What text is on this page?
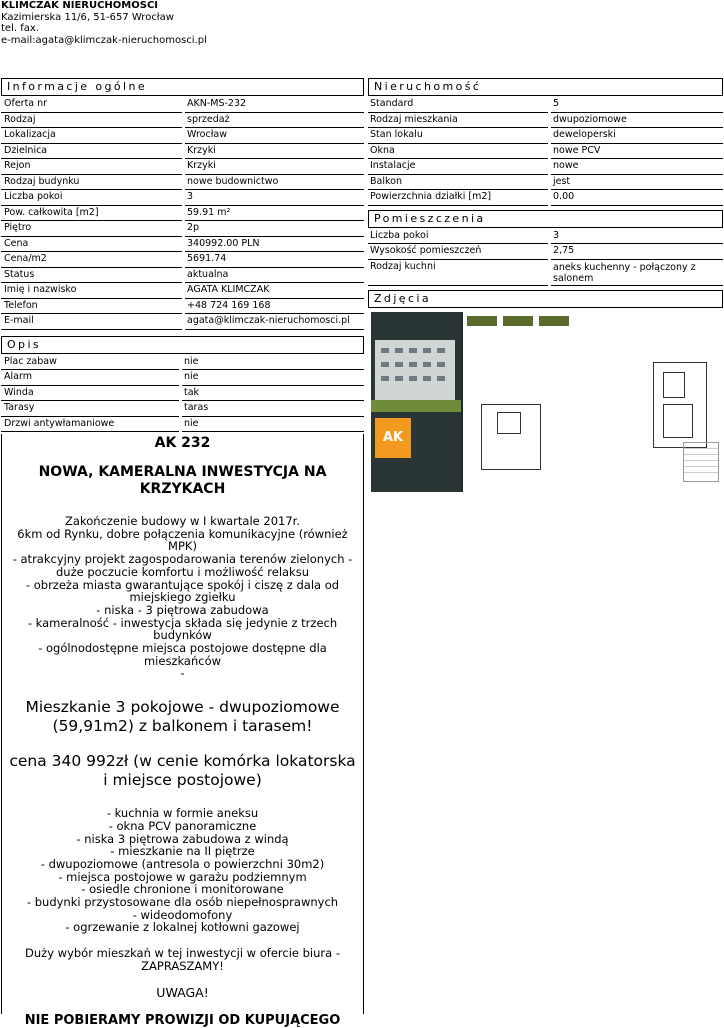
KLIMCZAK NIERUCHOMOŚCI
Kazimierska 11/6, 51-657 Wrocław
tel. fax.
e-mail:agata@klimczak-nieruchomosci.pl
Informacje ogólne
Oferta nr	AKN-MS-232
Rodzaj	sprzedaż
Lokalizacja	Wrocław
Dzielnica	Krzyki
Rejon	Krzyki
Rodzaj budynku	nowe budownictwo
Liczba pokoi	3
Pow. całkowita [m2]	59.91 m²
Piętro	2p
Cena	340992.00 PLN
Cena/m2	5691.74
Status	aktualna
Imię i nazwisko	AGATA KLIMCZAK
Telefon	+48 724 169 168
E-mail	agata@klimczak-nieruchomosci.pl
Opis
Plac zabaw	nie
Alarm	nie
Winda	tak
Tarasy	taras
Drzwi antywłamaniowe	nie
AK 232
NOWA, KAMERALNA INWESTYCJA NA KRZYKACH
Zakończenie budowy w I kwartale 2017r.
6km od Rynku, dobre połączenia komunikacyjne (również MPK)
- atrakcyjny projekt zagospodarowania terenów zielonych - duże poczucie komfortu i możliwość relaksu
- obrzeża miasta gwarantujące spokój i ciszę z dala od miejskiego zgiełku
- niska - 3 piętrowa zabudowa
- kameralność - inwestycja składa się jedynie z trzech budynków
- ogólnodostępne miejsca postojowe dostępne dla mieszkańców
-
Mieszkanie 3 pokojowe - dwupoziomowe (59,91m2) z balkonem i tarasem!
cena 340 992zł (w cenie komórka lokatorska i miejsce postojowe)
- kuchnia w formie aneksu
- okna PCV panoramiczne
- niska 3 piętrowa zabudowa z windą
- mieszkanie na II piętrze
- dwupoziomowe (antresola o powierzchni 30m2)
- miejsca postojowe w garażu podziemnym
- osiedle chronione i monitorowane
- budynki przystosowane dla osób niepełnosprawnych
- wideodomofony
- ogrzewanie z lokalnej kotłowni gazowej
Duży wybór mieszkań w tej inwestycji w ofercie biura - ZAPRASZAMY!
UWAGA!
NIE POBIERAMY PROWIZJI OD KUPUJĄCEGO
Nieruchomość
Standard	5
Rodzaj mieszkania	dwupoziomowe
Stan lokalu	deweloperski
Okna	nowe PCV
Instalacje	nowe
Balkon	jest
Powierzchnia działki [m2]	0.00
Pomieszczenia
Liczba pokoi	3
Wysokość pomieszczeń	2,75
Rodzaj kuchni	aneks kuchenny - połączony z salonem
Zdjęcia
AK
